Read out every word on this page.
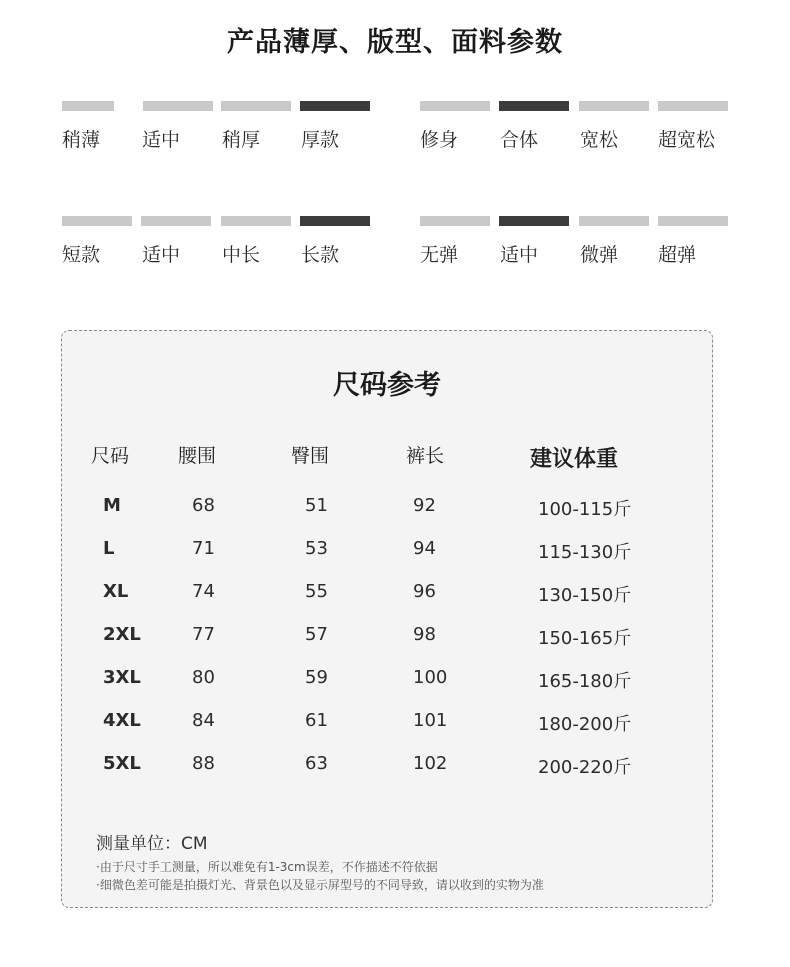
产品薄厚、版型、面料参数
稍薄 适中 稍厚 厚款	修身 合体 宽松 超宽松
短款 适中 中长 长款	无弹 适中 微弹 超弹
尺码参考
尺码	腰围	臀围	裤长	建议体重
M	68	51	92	100-115斤
L	71	53	94	115-130斤
XL	74	55	96	130-150斤
2XL	77	57	98	150-165斤
3XL	80	59	100	165-180斤
4XL	84	61	101	180-200斤
5XL	88	63	102	200-220斤
测量单位：CM
·由于尺寸手工测量，所以难免有1-3cm误差，不作描述不符依据
·细微色差可能是拍摄灯光、背景色以及显示屏型号的不同导致，请以收到的实物为准
